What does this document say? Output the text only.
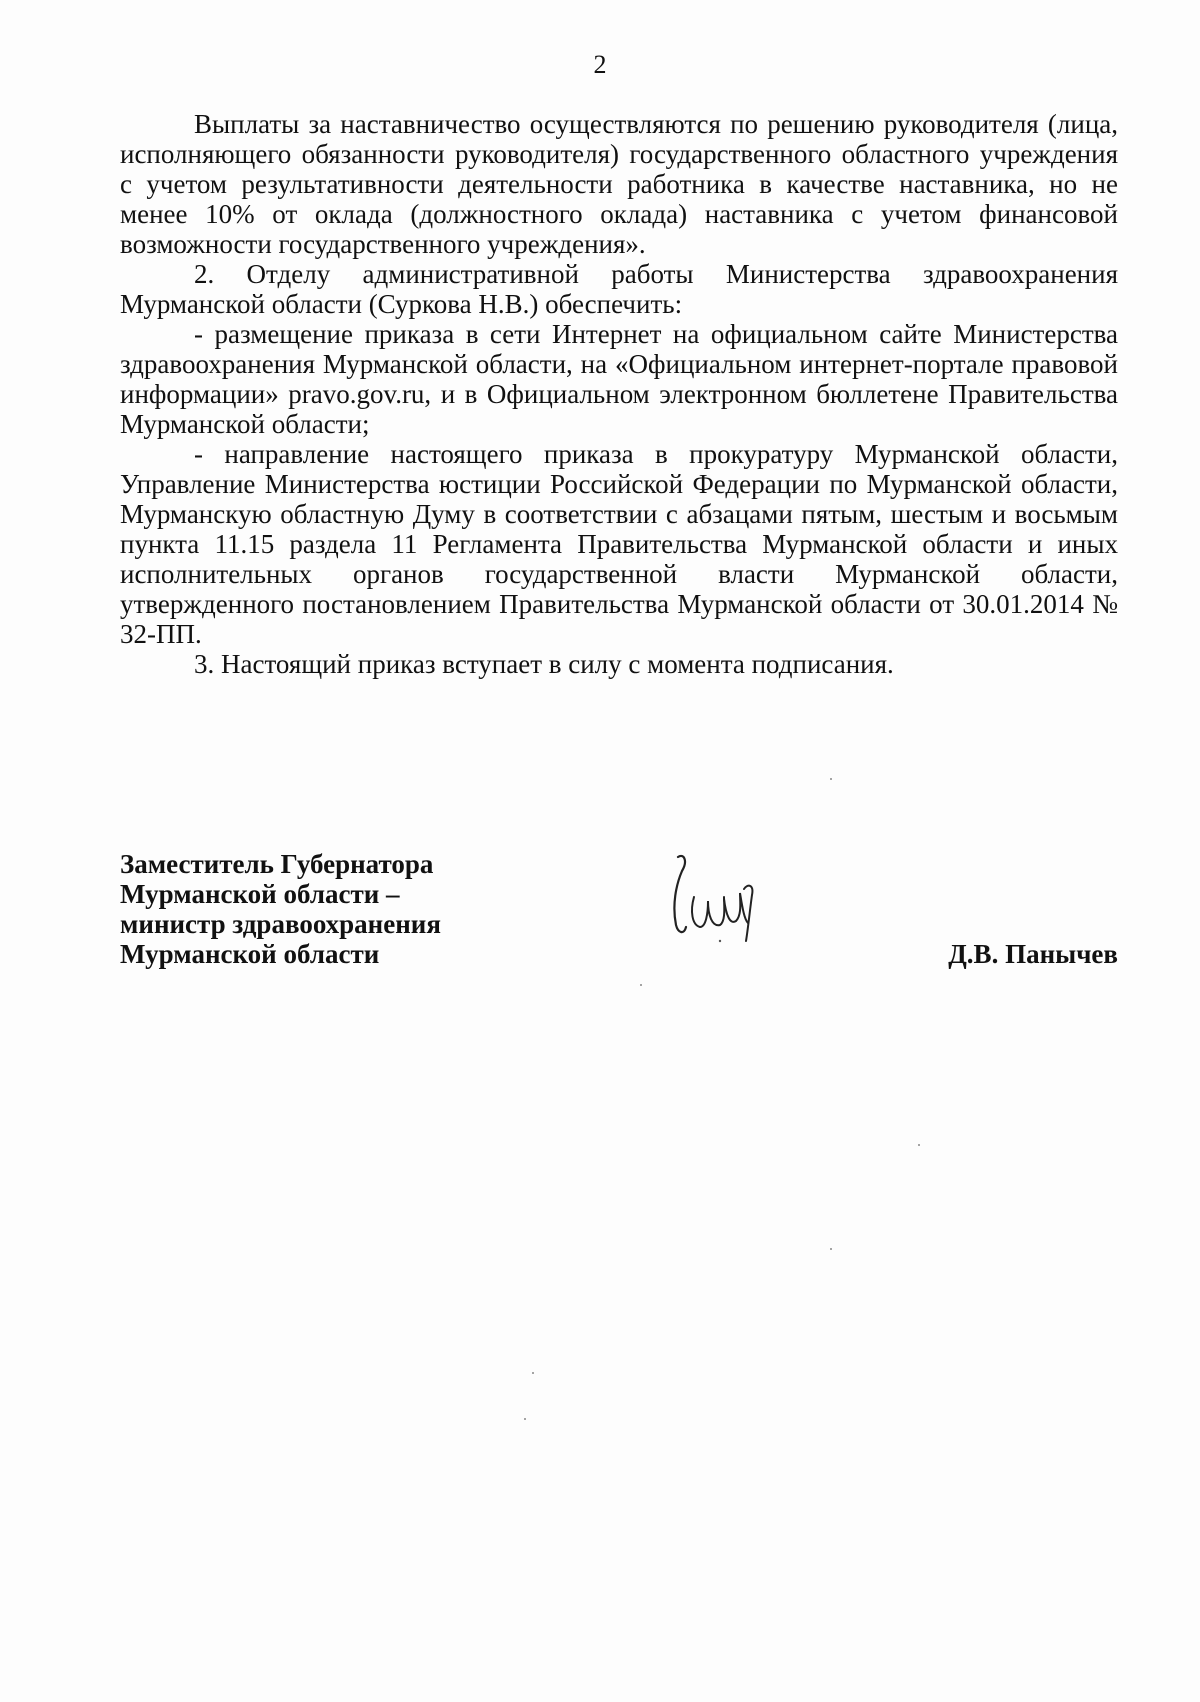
2

Выплаты за наставничество осуществляются по решению руководителя (лица, исполняющего обязанности руководителя) государственного областного учреждения с учетом результативности деятельности работника в качестве наставника, но не менее 10% от оклада (должностного оклада) наставника с учетом финансовой возможности государственного учреждения».

2. Отделу административной работы Министерства здравоохранения Мурманской области (Суркова Н.В.) обеспечить:

- размещение приказа в сети Интернет на официальном сайте Министерства здравоохранения Мурманской области, на «Официальном интернет-портале правовой информации» pravo.gov.ru, и в Официальном электронном бюллетене Правительства Мурманской области;

- направление настоящего приказа в прокуратуру Мурманской области, Управление Министерства юстиции Российской Федерации по Мурманской области, Мурманскую областную Думу в соответствии с абзацами пятым, шестым и восьмым пункта 11.15 раздела 11 Регламента Правительства Мурманской области и иных исполнительных органов государственной власти Мурманской области, утвержденного постановлением Правительства Мурманской области от 30.01.2014 № 32-ПП.

3. Настоящий приказ вступает в силу с момента подписания.

Заместитель Губернатора
Мурманской области –
министр здравоохранения
Мурманской области	Д.В. Панычев
